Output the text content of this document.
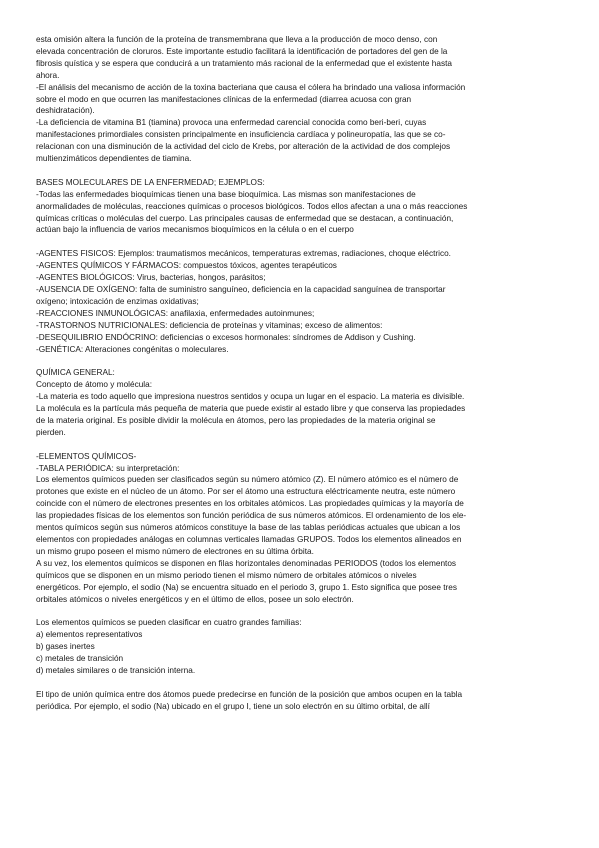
esta omisión altera la función de la proteína de transmembrana que lleva a la producción de moco denso, con
elevada concentración de cloruros. Este importante estudio facilitará la identificación de portadores del gen de la
fibrosis quística y se espera que conducirá a un tratamiento más racional de la enfermedad que el existente hasta
ahora.
-El análisis del mecanismo de acción de la toxina bacteriana que causa el cólera ha brindado una valiosa información
sobre el modo en que ocurren las manifestaciones clínicas de la enfermedad (diarrea acuosa con gran
deshidratación).
-La deficiencia de vitamina B1 (tiamina) provoca una enfermedad carencial conocida como beri-beri, cuyas
manifestaciones primordiales consisten principalmente en insuficiencia cardíaca y polineuropatía, las que se co-
relacionan con una disminución de la actividad del ciclo de Krebs, por alteración de la actividad de dos complejos
multienzimáticos dependientes de tiamina.
BASES MOLECULARES DE LA ENFERMEDAD; EJEMPLOS:
-Todas las enfermedades bioquímicas tienen una base bioquímica. Las mismas son manifestaciones de
anormalidades de moléculas, reacciones químicas o procesos biológicos. Todos ellos afectan a una o más reacciones
químicas críticas o moléculas del cuerpo. Las principales causas de enfermedad que se destacan, a continuación,
actúan bajo la influencia de varios mecanismos bioquímicos en la célula o en el cuerpo
-AGENTES FISICOS: Ejemplos: traumatismos mecánicos, temperaturas extremas, radiaciones, choque eléctrico.
-AGENTES QUÍMICOS Y FÁRMACOS: compuestos tóxicos, agentes terapéuticos
-AGENTES BIOLÓGICOS: Virus, bacterias, hongos, parásitos;
-AUSENCIA DE OXÍGENO: falta de suministro sanguíneo, deficiencia en la capacidad sanguínea de transportar
oxígeno; intoxicación de enzimas oxidativas;
-REACCIONES INMUNOLÓGICAS: anafilaxia, enfermedades autoinmunes;
-TRASTORNOS NUTRICIONALES: deficiencia de proteínas y vitaminas; exceso de alimentos:
-DESEQUILIBRIO ENDÓCRINO: deficiencias o excesos hormonales: síndromes de Addison y Cushing.
-GENÉTICA: Alteraciones congénitas o moleculares.
QUÍMICA GENERAL:
Concepto de átomo y molécula:
-La materia es todo aquello que impresiona nuestros sentidos y ocupa un lugar en el espacio. La materia es divisible.
La molécula es la partícula más pequeña de materia que puede existir al estado libre y que conserva las propiedades
de la materia original. Es posible dividir la molécula en átomos, pero las propiedades de la materia original se
pierden.
-ELEMENTOS QUÍMICOS-
-TABLA PERIÓDICA: su interpretación:
Los elementos químicos pueden ser clasificados según su número atómico (Z). El número atómico es el número de
protones que existe en el núcleo de un átomo. Por ser el átomo una estructura eléctricamente neutra, este número
coincide con el número de electrones presentes en los orbitales atómicos. Las propiedades químicas y la mayoría de
las propiedades físicas de los elementos son función periódica de sus números atómicos. El ordenamiento de los ele-
mentos químicos según sus números atómicos constituye la base de las tablas periódicas actuales que ubican a los
elementos con propiedades análogas en columnas verticales llamadas GRUPOS. Todos los elementos alineados en
un mismo grupo poseen el mismo número de electrones en su última órbita.
A su vez, los elementos químicos se disponen en filas horizontales denominadas PERIODOS (todos los elementos
químicos que se disponen en un mismo periodo tienen el mismo número de orbitales atómicos o niveles
energéticos. Por ejemplo, el sodio (Na) se encuentra situado en el periodo 3, grupo 1. Esto significa que posee tres
orbitales atómicos o niveles energéticos y en el último de ellos, posee un solo electrón.
Los elementos químicos se pueden clasificar en cuatro grandes familias:
a) elementos representativos
b) gases inertes
c) metales de transición
d) metales similares o de transición interna.
El tipo de unión química entre dos átomos puede predecirse en función de la posición que ambos ocupen en la tabla
periódica. Por ejemplo, el sodio (Na) ubicado en el grupo I, tiene un solo electrón en su último orbital, de allí
